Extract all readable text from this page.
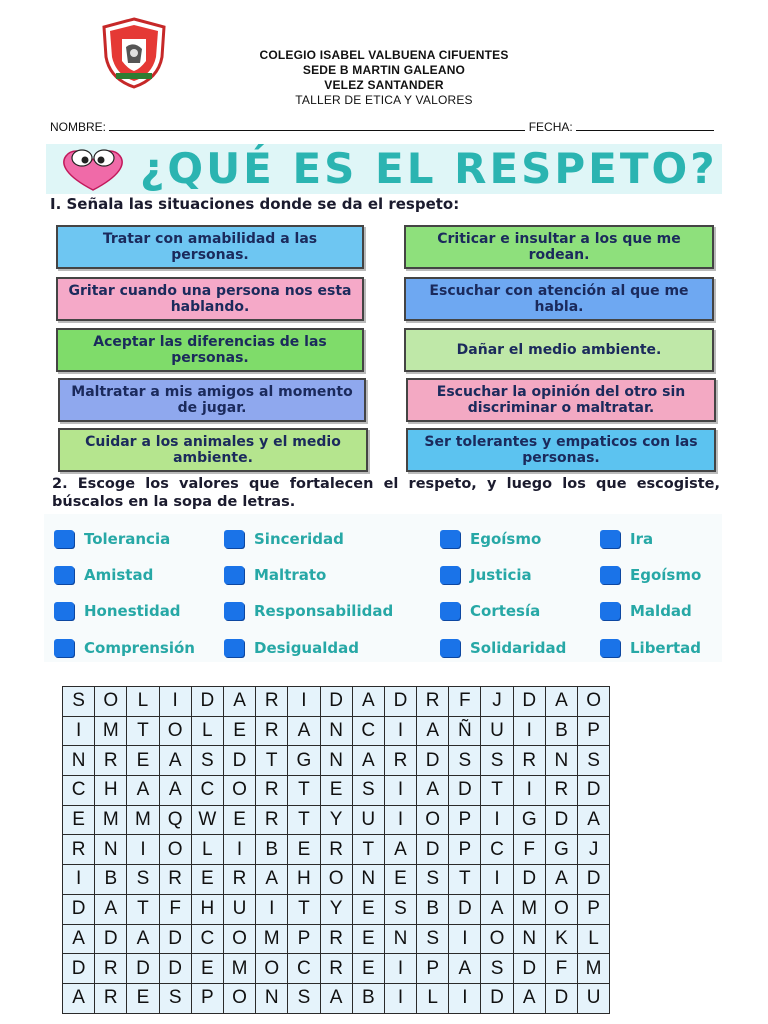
COLEGIO ISABEL VALBUENA CIFUENTES
SEDE B MARTIN GALEANO
VELEZ SANTANDER
TALLER DE ETICA Y VALORES
NOMBRE:	FECHA:
¿QUÉ ES EL RESPETO?
I. Señala las situaciones donde se da el respeto:
Tratar con amabilidad a las personas.
Criticar e insultar a los que me rodean.
Gritar cuando una persona nos esta hablando.
Escuchar con atención al que me habla.
Aceptar las diferencias de las personas.	Dañar el medio ambiente.
Maltratar a mis amigos al momento de jugar.
Escuchar la opinión del otro sin discriminar o maltratar.
Cuidar a los animales y el medio ambiente.
Ser tolerantes y empaticos con las personas.
2. Escoge los valores que fortalecen el respeto, y luego los que escogiste, búscalos en la sopa de letras.
Tolerancia	Sinceridad	Egoísmo	Ira
Amistad	Maltrato	Justicia	Egoísmo
Honestidad	Responsabilidad	Cortesía	Maldad
Comprensión	Desigualdad	Solidaridad	Libertad
S	O	L	I	D	A	R	I	D	A	D	R	F	J	D	A	O
I	M	T	O	L	E	R	A	N	C	I	A	Ñ	U	I	B	P
N	R	E	A	S	D	T	G	N	A	R	D	S	S	R	N	S
C	H	A	A	C	O	R	T	E	S	I	A	D	T	I	R	D
E	M	M	Q	W	E	R	T	Y	U	I	O	P	I	G	D	A
R	N	I	O	L	I	B	E	R	T	A	D	P	C	F	G	J
I	B	S	R	E	R	A	H	O	N	E	S	T	I	D	A	D
D	A	T	F	H	U	I	T	Y	E	S	B	D	A	M	O	P
A	D	A	D	C	O	M	P	R	E	N	S	I	O	N	K	L
D	R	D	D	E	M	O	C	R	E	I	P	A	S	D	F	M
A	R	E	S	P	O	N	S	A	B	I	L	I	D	A	D	U
